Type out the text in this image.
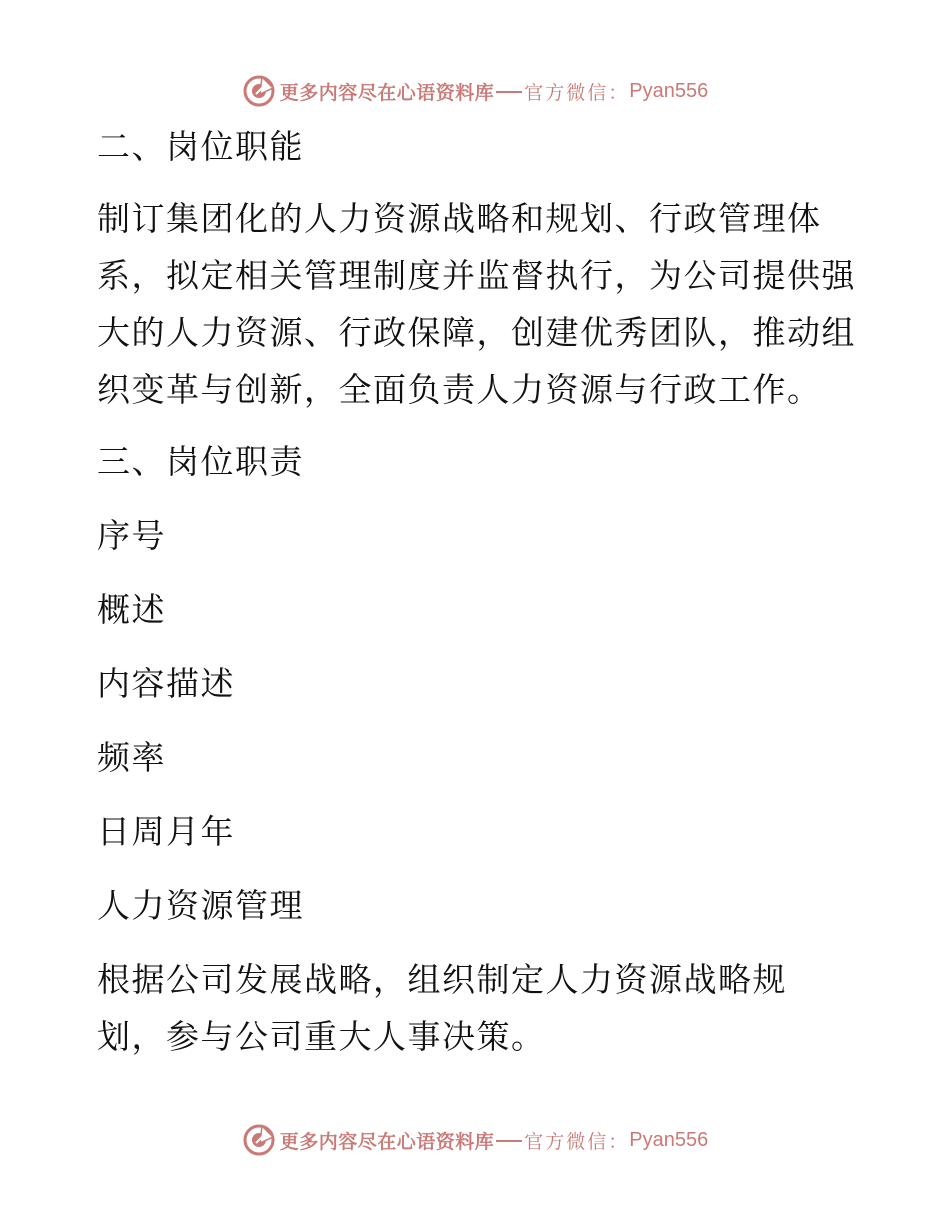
更多内容尽在心语资料库 官方微信： Pyan556
二、岗位职能
制订集团化的人力资源战略和规划、行政管理体
系，拟定相关管理制度并监督执行，为公司提供强
大的人力资源、行政保障，创建优秀团队，推动组
织变革与创新，全面负责人力资源与行政工作。
三、岗位职责
序号
概述
内容描述
频率
日周月年
人力资源管理
根据公司发展战略，组织制定人力资源战略规
划，参与公司重大人事决策。
更多内容尽在心语资料库 官方微信： Pyan556
